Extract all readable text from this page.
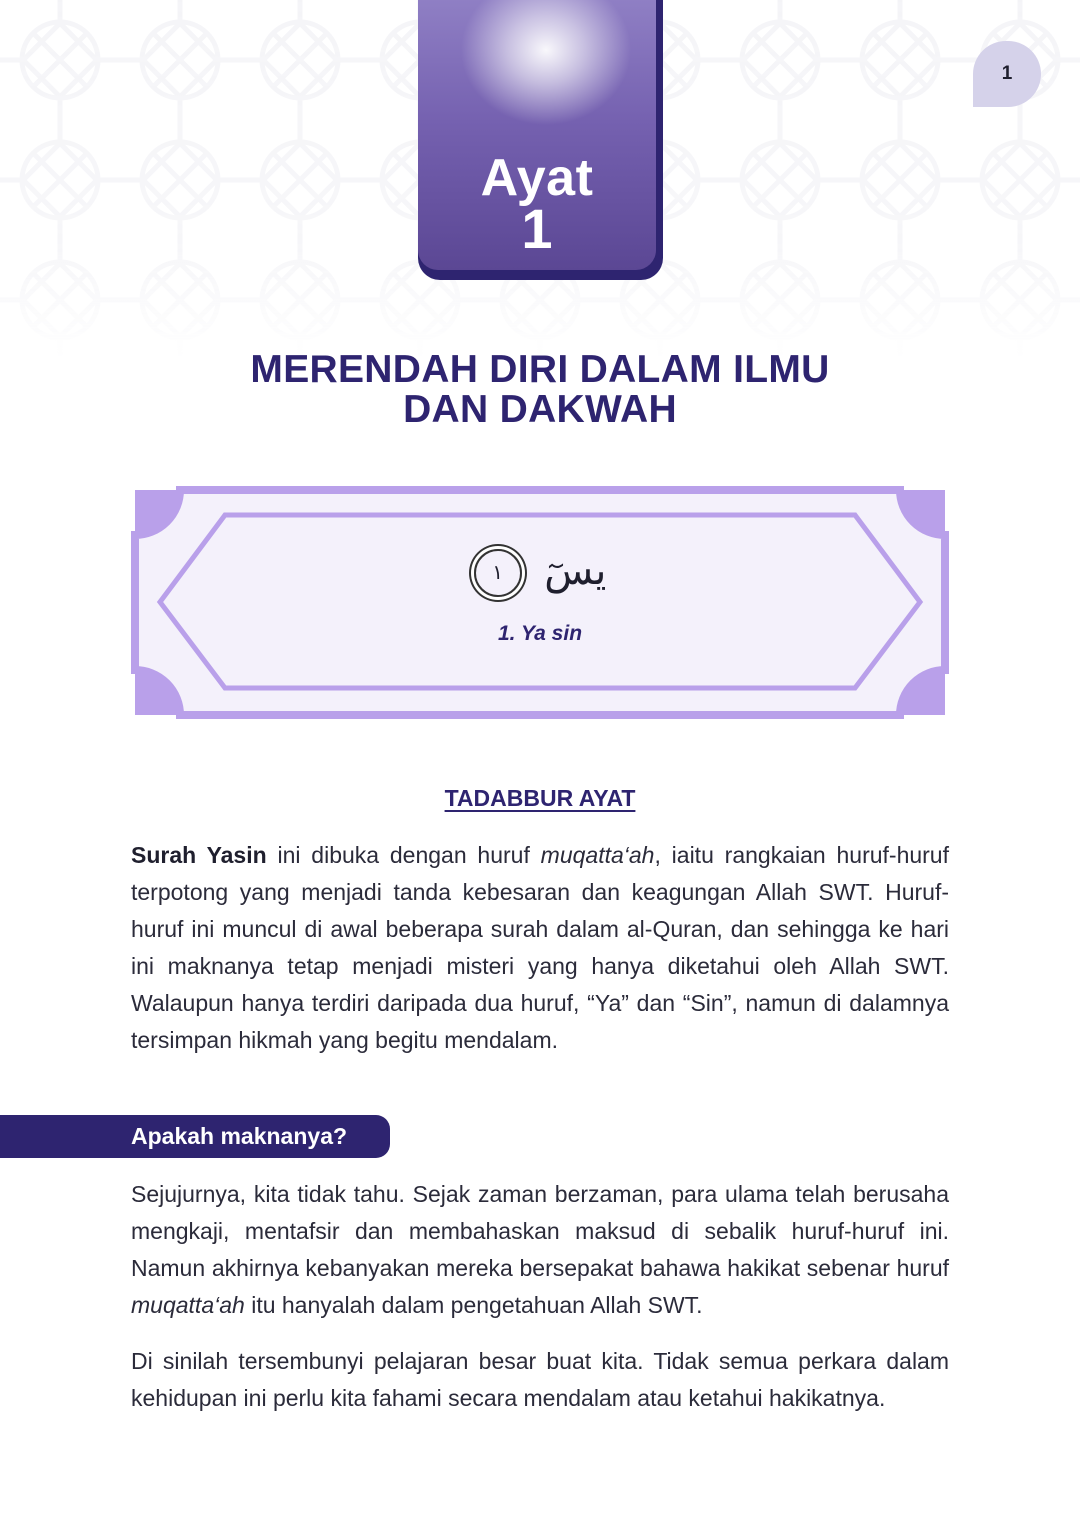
1
Ayat
1
MERENDAH DIRI DALAM ILMU
DAN DAKWAH
يسٓ ١
1. Ya sin
TADABBUR AYAT

Surah Yasin ini dibuka dengan huruf muqatta‘ah, iaitu rangkaian huruf-huruf terpotong yang menjadi tanda kebesaran dan keagungan Allah SWT. Huruf-huruf ini muncul di awal beberapa surah dalam al-Quran, dan sehingga ke hari ini maknanya tetap menjadi misteri yang hanya diketahui oleh Allah SWT. Walaupun hanya terdiri daripada dua huruf, “Ya” dan “Sin”, namun di dalamnya tersimpan hikmah yang begitu mendalam.

Apakah maknanya?

Sejujurnya, kita tidak tahu. Sejak zaman berzaman, para ulama telah berusaha mengkaji, mentafsir dan membahaskan maksud di sebalik huruf-huruf ini. Namun akhirnya kebanyakan mereka bersepakat bahawa hakikat sebenar huruf muqatta‘ah itu hanyalah dalam pengetahuan Allah SWT.

Di sinilah tersembunyi pelajaran besar buat kita. Tidak semua perkara dalam kehidupan ini perlu kita fahami secara mendalam atau ketahui hakikatnya.
